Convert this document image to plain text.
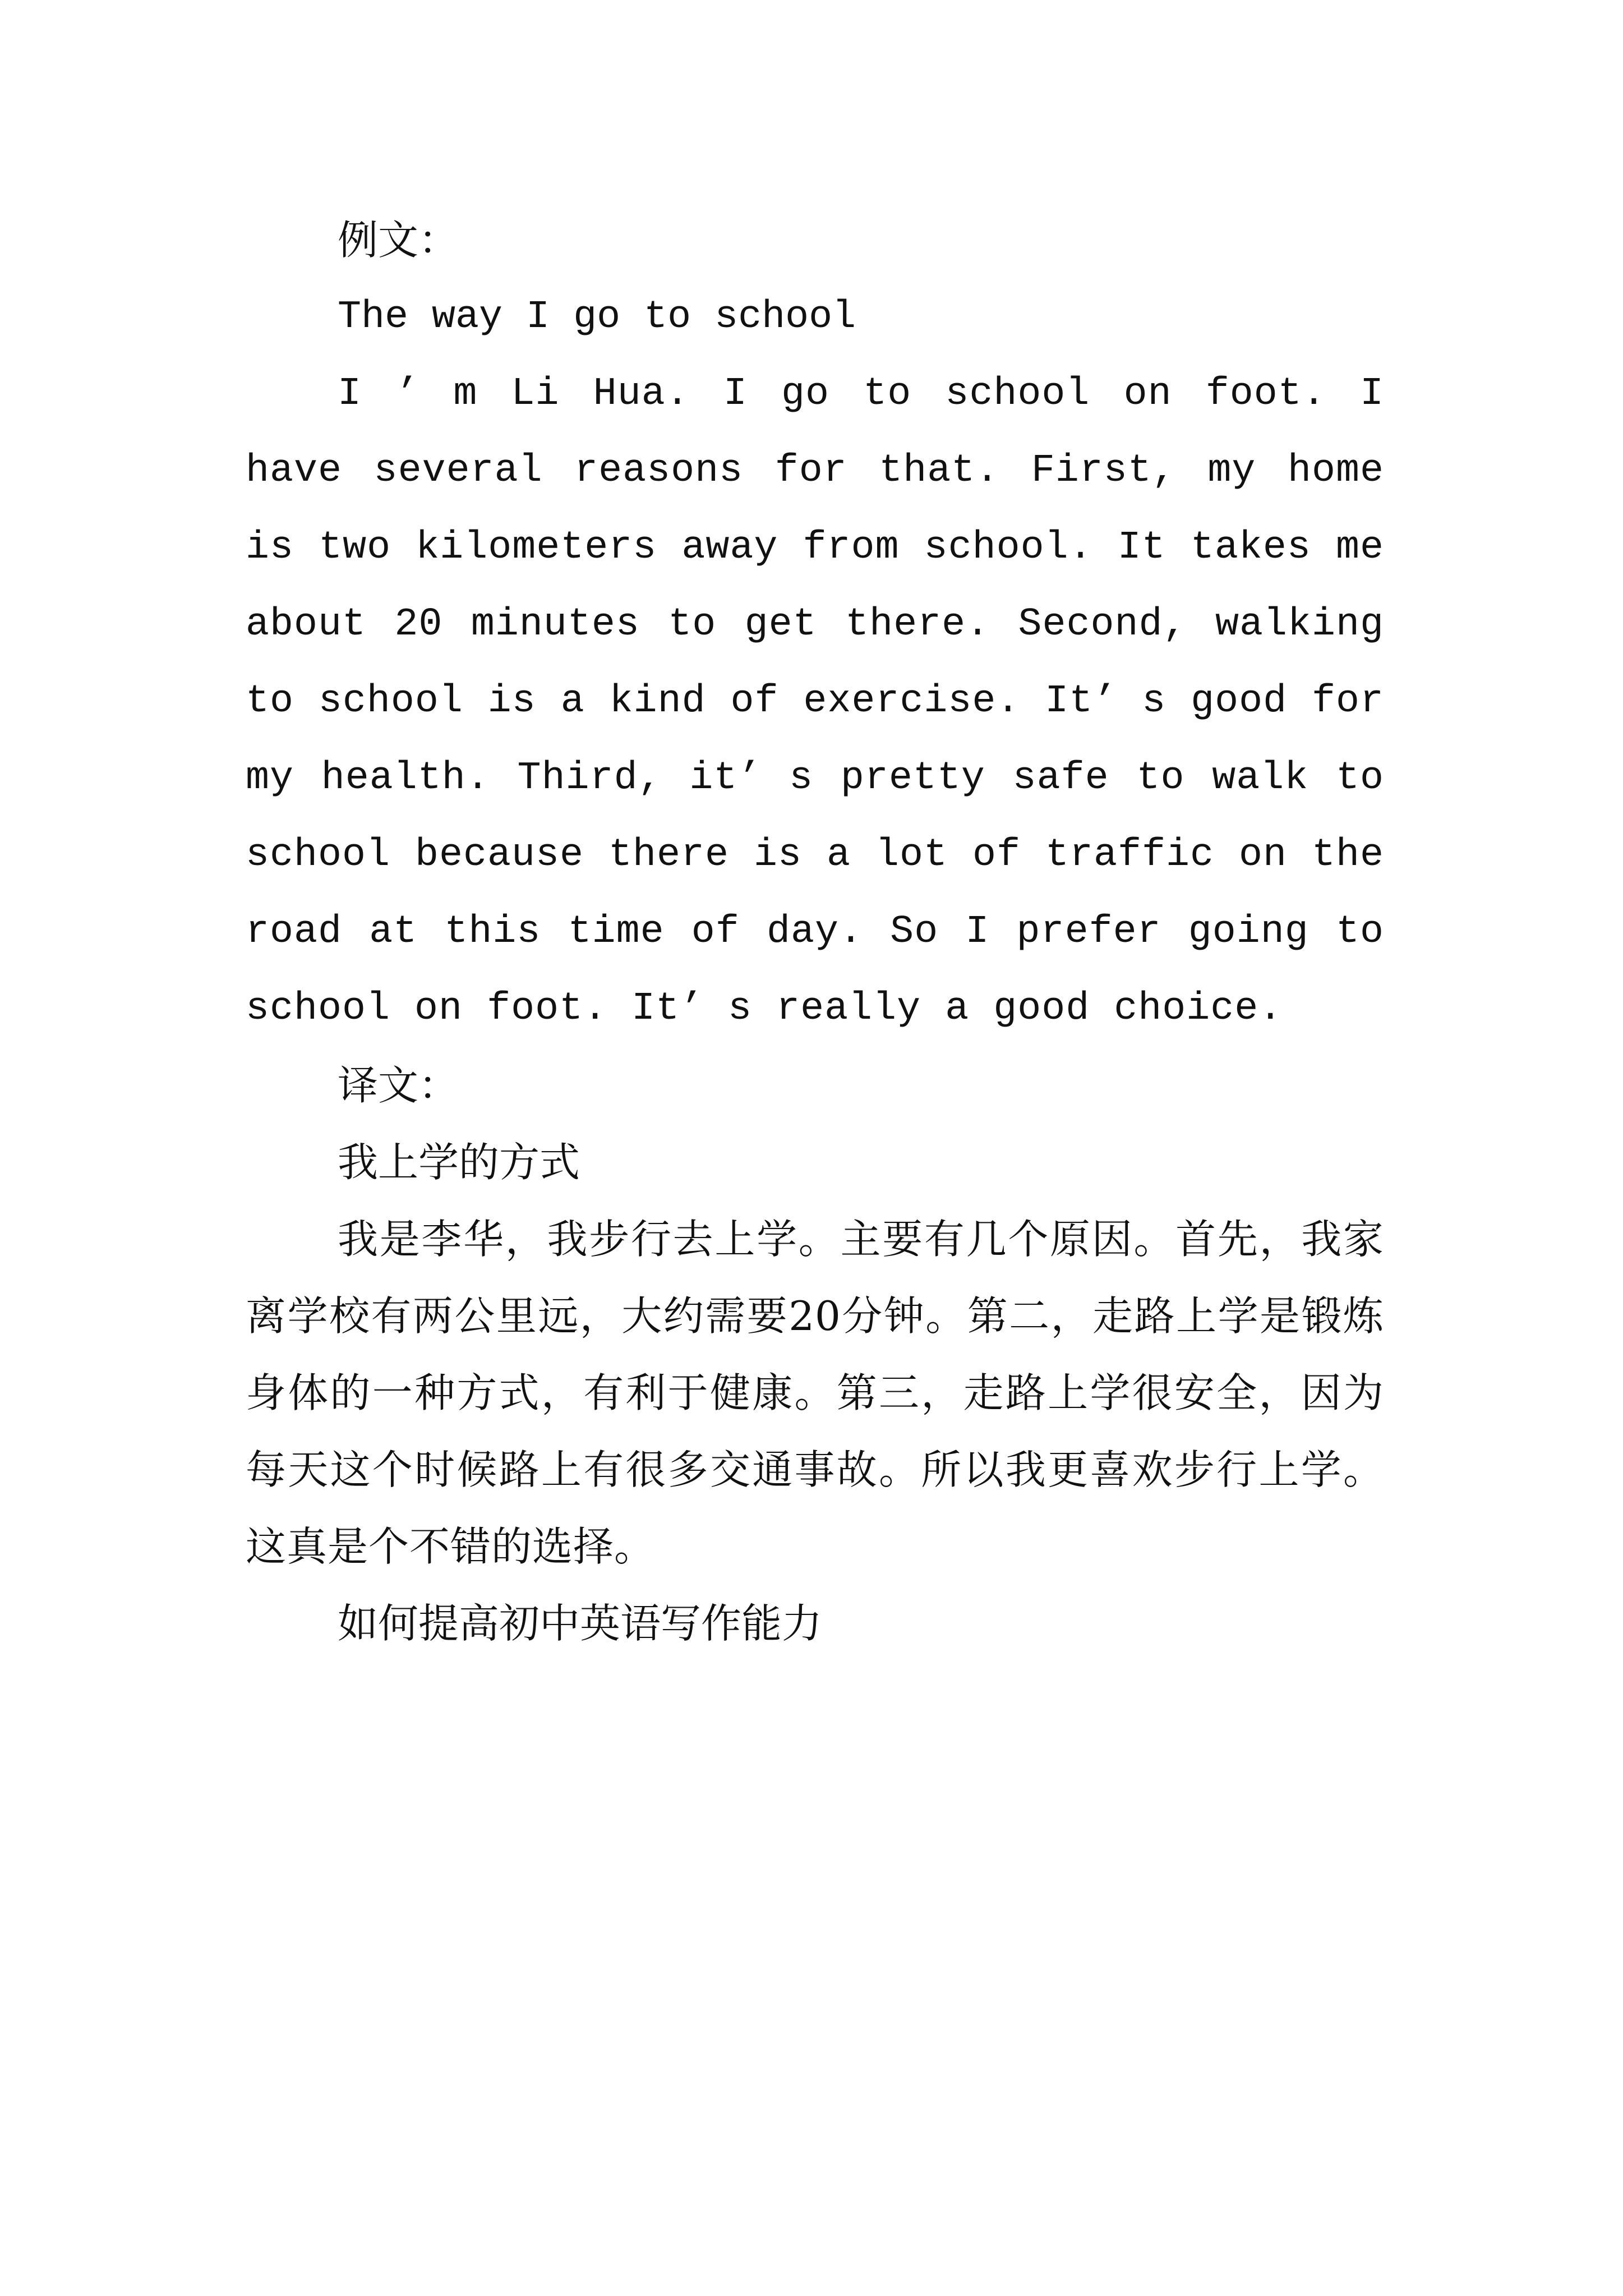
例文：

The way I go to school

I ’ m Li Hua. I go to school on foot. I have several reasons for that. First, my home is two kilometers away from school. It takes me about 20 minutes to get there. Second, walking to school is a kind of exercise. It’ s good for my health. Third, it’ s pretty safe to walk to school because there is a lot of traffic on the road at this time of day. So I prefer going to school on foot. It’ s really a good choice.

译文：

我上学的方式

我是李华，我步行去上学。主要有几个原因。首先，我家离学校有两公里远，大约需要20分钟。第二，走路上学是锻炼身体的一种方式，有利于健康。第三，走路上学很安全，因为每天这个时候路上有很多交通事故。所以我更喜欢步行上学。这真是个不错的选择。

如何提高初中英语写作能力
